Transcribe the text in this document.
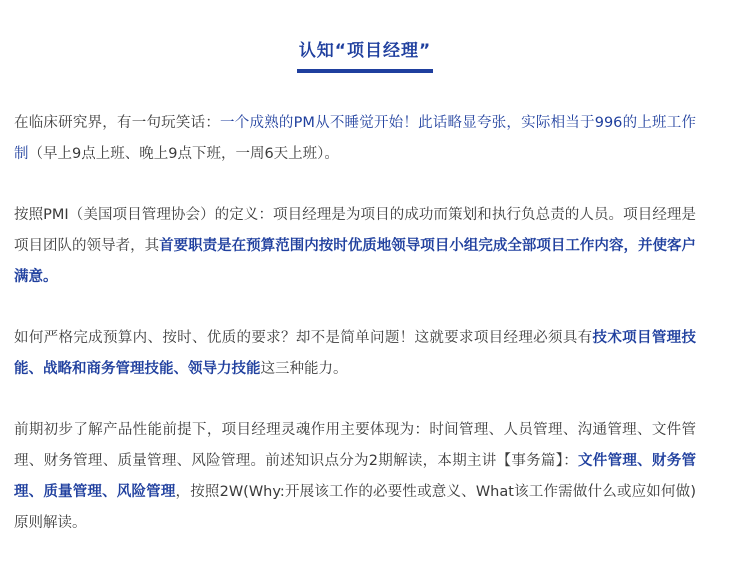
认知“项目经理”

在临床研究界，有一句玩笑话：一个成熟的PM从不睡觉开始！此话略显夸张，实际相当于996的上班工作制（早上9点上班、晚上9点下班，一周6天上班）。

按照PMI（美国项目管理协会）的定义：项目经理是为项目的成功而策划和执行负总责的人员。项目经理是项目团队的领导者，其首要职责是在预算范围内按时优质地领导项目小组完成全部项目工作内容，并使客户满意。

如何严格完成预算内、按时、优质的要求？却不是简单问题！这就要求项目经理必须具有技术项目管理技能、战略和商务管理技能、领导力技能这三种能力。

前期初步了解产品性能前提下，项目经理灵魂作用主要体现为：时间管理、人员管理、沟通管理、文件管理、财务管理、质量管理、风险管理。前述知识点分为2期解读，本期主讲【事务篇】：文件管理、财务管理、质量管理、风险管理，按照2W(Why:开展该工作的必要性或意义、What该工作需做什么或应如何做)原则解读。
